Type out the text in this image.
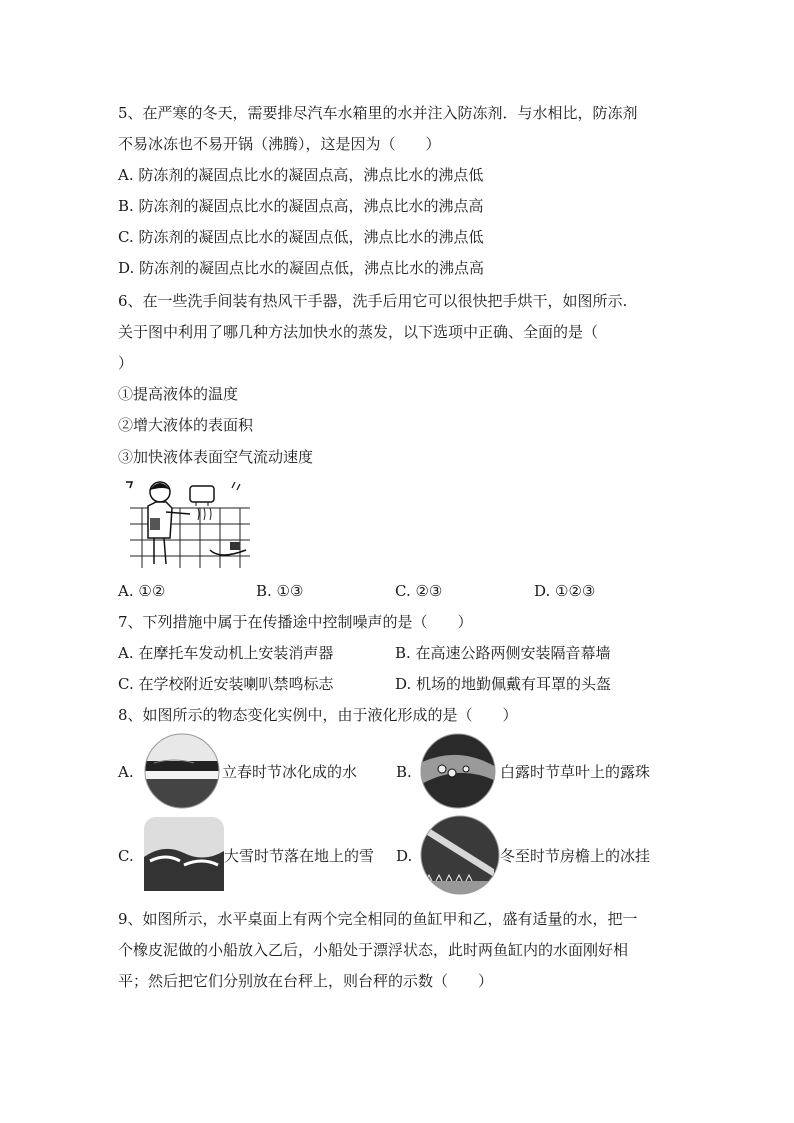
5、在严寒的冬天，需要排尽汽车水箱里的水并注入防冻剂．与水相比，防冻剂
不易冰冻也不易开锅（沸腾），这是因为（　　）
A. 防冻剂的凝固点比水的凝固点高，沸点比水的沸点低
B. 防冻剂的凝固点比水的凝固点高，沸点比水的沸点高
C. 防冻剂的凝固点比水的凝固点低，沸点比水的沸点低
D. 防冻剂的凝固点比水的凝固点低，沸点比水的沸点高
6、在一些洗手间装有热风干手器，洗手后用它可以很快把手烘干，如图所示.
关于图中利用了哪几种方法加快水的蒸发，以下选项中正确、全面的是（
）
①提高液体的温度
②增大液体的表面积
③加快液体表面空气流动速度
A. ①②	B. ①③	C. ②③	D. ①②③
7、下列措施中属于在传播途中控制噪声的是（　　）
A. 在摩托车发动机上安装消声器	B. 在高速公路两侧安装隔音幕墙
C. 在学校附近安装喇叭禁鸣标志	D. 机场的地勤佩戴有耳罩的头盔
8、如图所示的物态变化实例中，由于液化形成的是（　　）
A.	立春时节冰化成的水	B.	白露时节草叶上的露珠
C.	大雪时节落在地上的雪 D.	冬至时节房檐上的冰挂
9、如图所示，水平桌面上有两个完全相同的鱼缸甲和乙，盛有适量的水，把一
个橡皮泥做的小船放入乙后，小船处于漂浮状态，此时两鱼缸内的水面刚好相
平；然后把它们分别放在台秤上，则台秤的示数（　　）
